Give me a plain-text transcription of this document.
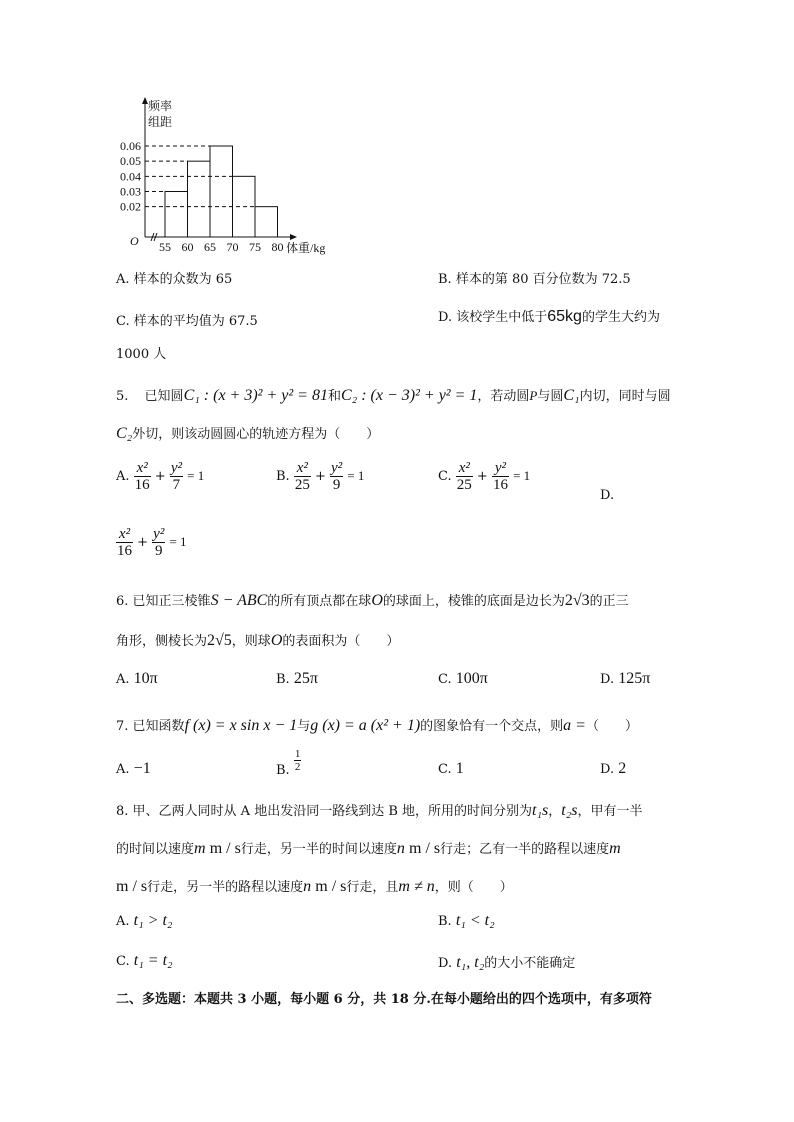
0.02
0.03
0.04
0.05
0.06
55 60 65 70 75 80
频率
组距
体重/kg
O
A. 样本的众数为 65	B. 样本的第 80 百分位数为 72.5
C. 样本的平均值为 67.5	D. 该校学生中低于65kg的学生大约为
1000 人
5. 已知圆C₁ : (x + 3)² + y² = 81和C₂ : (x − 3)² + y² = 1，若动圆P与圆C₁内切，同时与圆
C₂外切，则该动圆圆心的轨迹方程为（　　）
A. $\frac{\text{x²}}{16} + \frac{\text{y²}}{7} = 1$	B. $\frac{\text{x²}}{25} + \frac{\text{y²}}{9} = 1$	C. $\frac{\text{x²}}{25} + \frac{\text{y²}}{16} = 1$
D.
$\frac{\text{x²}}{16} + \frac{\text{y²}}{9} = 1$
6. 已知正三棱锥S − ABC的所有顶点都在球O的球面上，棱锥的底面是边长为2√3的正三
角形，侧棱长为2√5，则球O的表面积为（　　）
A. 10π	B. 25π	C. 100π	D. 125π
7. 已知函数f (x) = x sin x − 1与g (x) = a (x² + 1)的图象恰有一个交点，则a =（　　）
A. −1	B. $\frac{1}{2}$	C. 1	D. 2
8. 甲、乙两人同时从 A 地出发沿同一路线到达 B 地，所用的时间分别为t₁s，t₂s，甲有一半
的时间以速度m m / s行走，另一半的时间以速度n m / s行走；乙有一半的路程以速度m
m / s行走，另一半的路程以速度n m / s行走，且m ≠ n，则（　　）
A. t₁ > t₂	B. t₁ < t₂
C. t₁ = t₂	D. t₁, t₂的大小不能确定
二、多选题：本题共 3 小题，每小题 6 分，共 18 分.在每小题给出的四个选项中，有多项符
